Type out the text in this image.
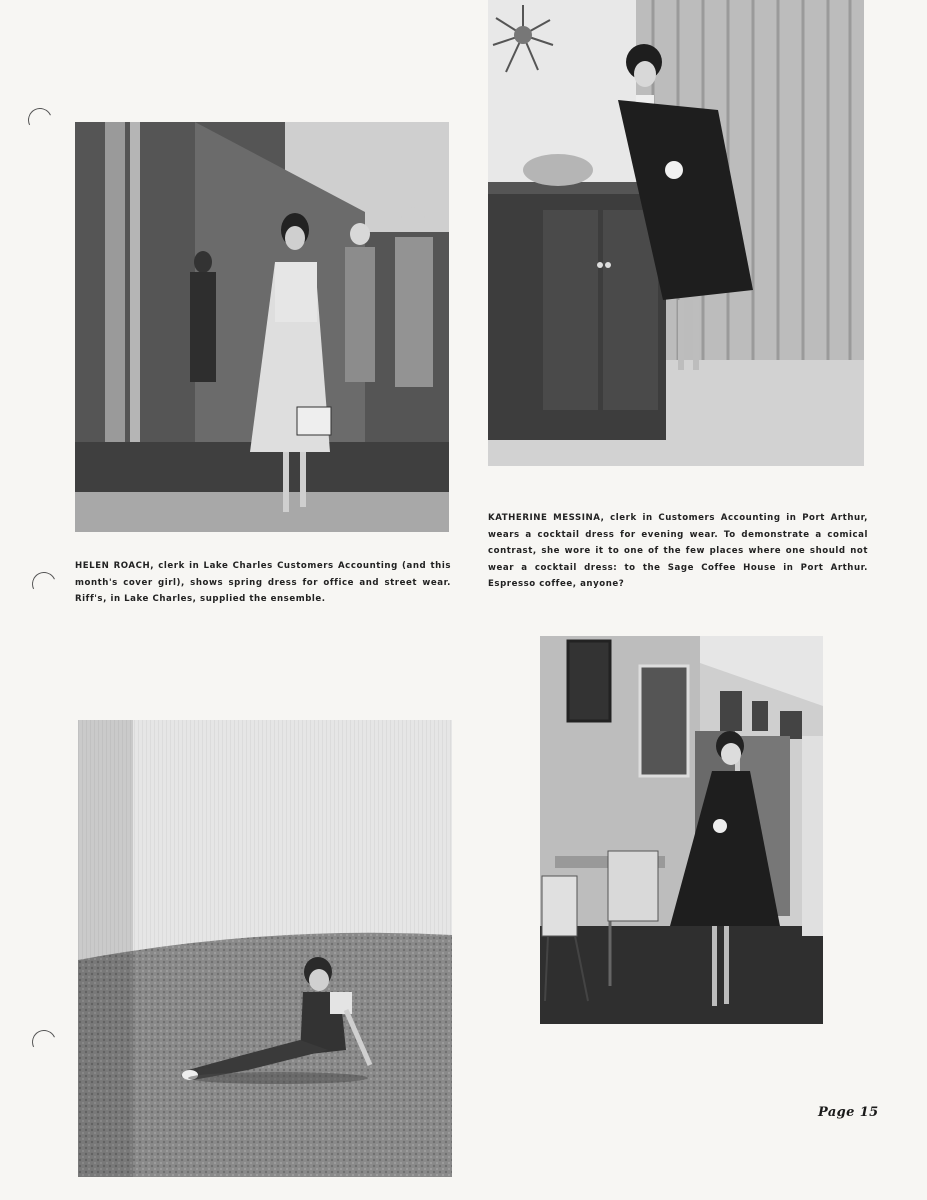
HELEN ROACH, clerk in Lake Charles Customers Accounting (and this month's cover girl), shows spring dress for office and street wear. Riff's, in Lake Charles, supplied the ensemble.
KATHERINE MESSINA, clerk in Customers Accounting in Port Arthur, wears a cocktail dress for evening wear. To demonstrate a comical contrast, she wore it to one of the few places where one should not wear a cocktail dress: to the Sage Coffee House in Port Arthur. Espresso coffee, anyone?
Page 15
